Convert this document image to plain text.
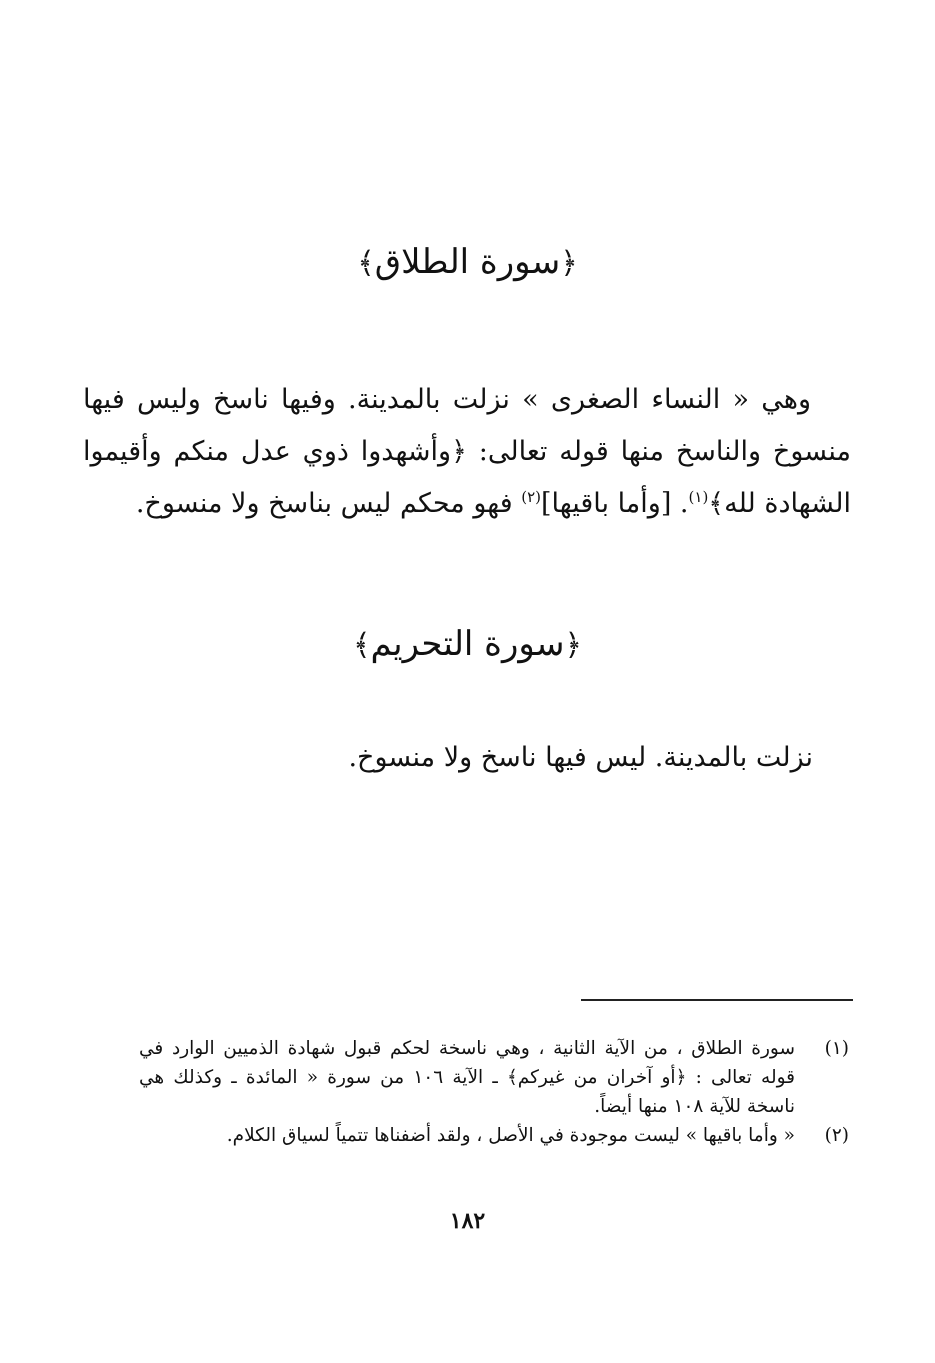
﴿سورة الطلاق﴾
وهي « النساء الصغرى » نزلت بالمدينة. وفيها ناسخ وليس فيها منسوخ والناسخ منها قوله تعالى: ﴿وأشهدوا ذوي عدل منكم وأقيموا الشهادة لله﴾$^{(١)}$. [وأما باقيها]$^{(٢)}$ فهو محكم ليس بناسخ ولا منسوخ.
﴿سورة التحريم﴾
نزلت بالمدينة. ليس فيها ناسخ ولا منسوخ.
(١)
سورة الطلاق ، من الآية الثانية ، وهي ناسخة لحكم قبول شهادة الذميين الوارد في قوله تعالى : ﴿أو آخران من غيركم﴾ ـ الآية ١٠٦ من سورة « المائدة ـ وكذلك هي ناسخة للآية ١٠٨ منها أيضاً.
(٢)
« وأما باقيها » ليست موجودة في الأصل ، ولقد أضفناها تتمياً لسياق الكلام.
١٨٢
